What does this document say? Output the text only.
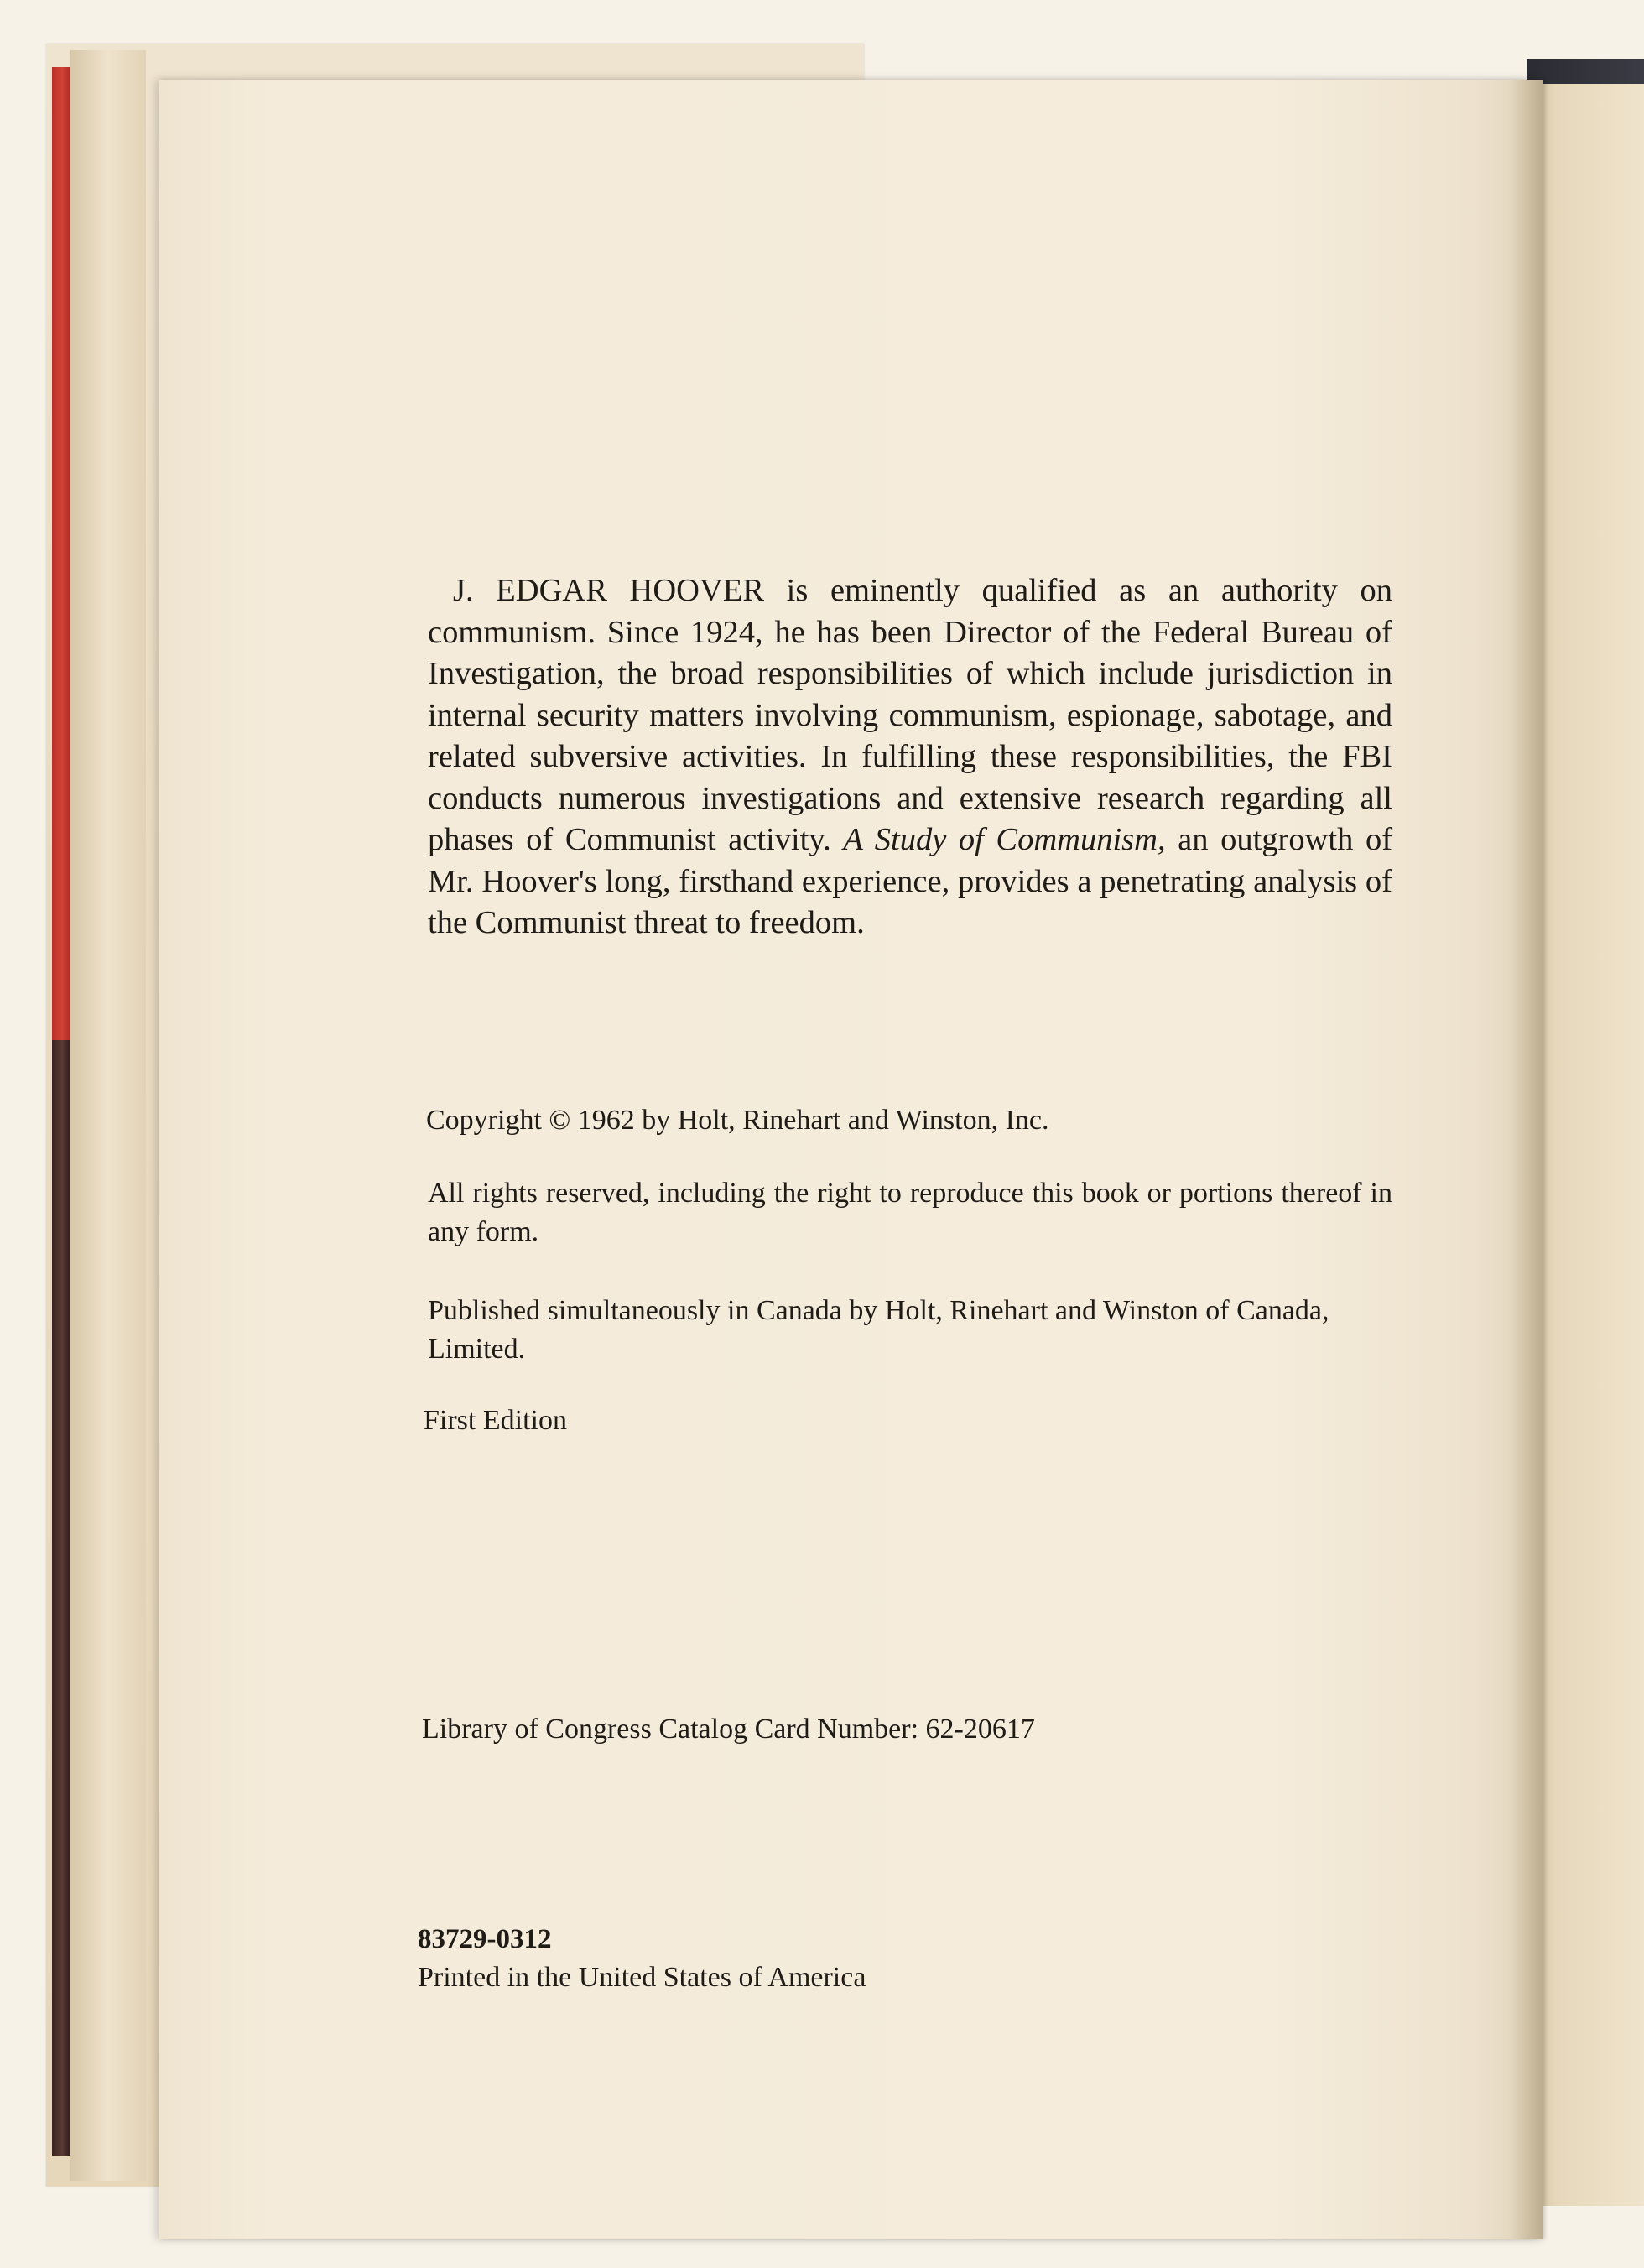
J. EDGAR HOOVER is eminently qualified as an authority on communism. Since 1924, he has been Director of the Federal Bureau of Investigation, the broad responsibilities of which include jurisdiction in internal security matters involving communism, espionage, sabotage, and related subversive activities. In fulfilling these responsibilities, the FBI conducts numerous investigations and extensive research regarding all phases of Communist activity. A Study of Communism, an outgrowth of Mr. Hoover's long, firsthand experience, provides a penetrating analysis of the Communist threat to freedom.

Copyright © 1962 by Holt, Rinehart and Winston, Inc.

All rights reserved, including the right to reproduce this book or portions thereof in any form.

Published simultaneously in Canada by Holt, Rinehart and Winston of Canada, Limited.

First Edition

Library of Congress Catalog Card Number: 62-20617

83729-0312

Printed in the United States of America
